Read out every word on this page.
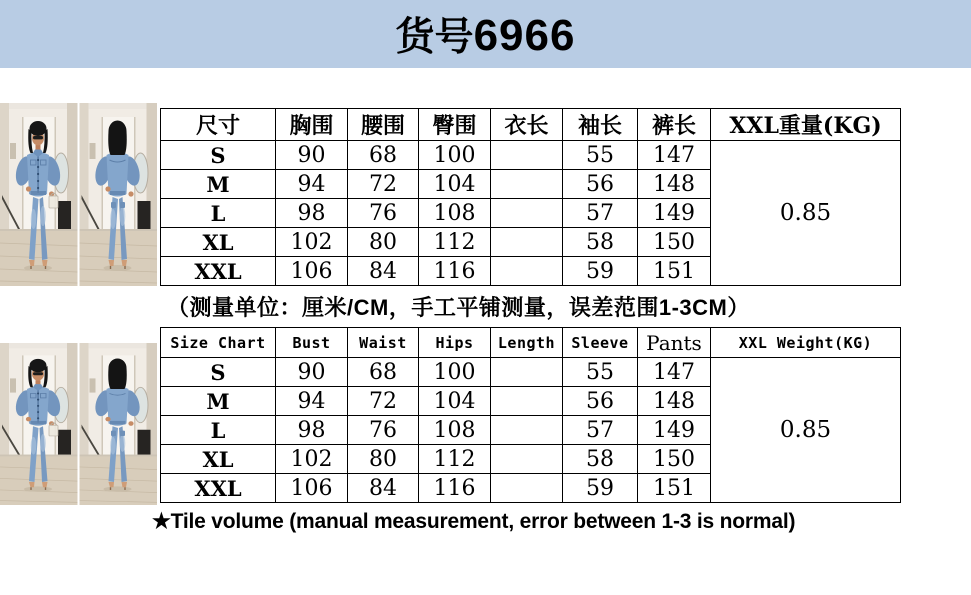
货号 6966
尺寸	胸围	腰围	臀围	衣长	袖长	裤长	XXL重量(KG)
S	90	68	100		55	147	0.85
M	94	72	104		56	148	
L	98	76	108		57	149	
XL	102	80	112		58	150	
XXL	106	84	116		59	151	
（测量单位：厘米/CM，手工平铺测量，误差范围1-3CM）
Size Chart	Bust	Waist	Hips	Length	Sleeve	Pants	XXL Weight(KG)
S	90	68	100		55	147	0.85
M	94	72	104		56	148	
L	98	76	108		57	149	
XL	102	80	112		58	150	
XXL	106	84	116		59	151	
★Tile volume (manual measurement, error between 1-3 is normal)
